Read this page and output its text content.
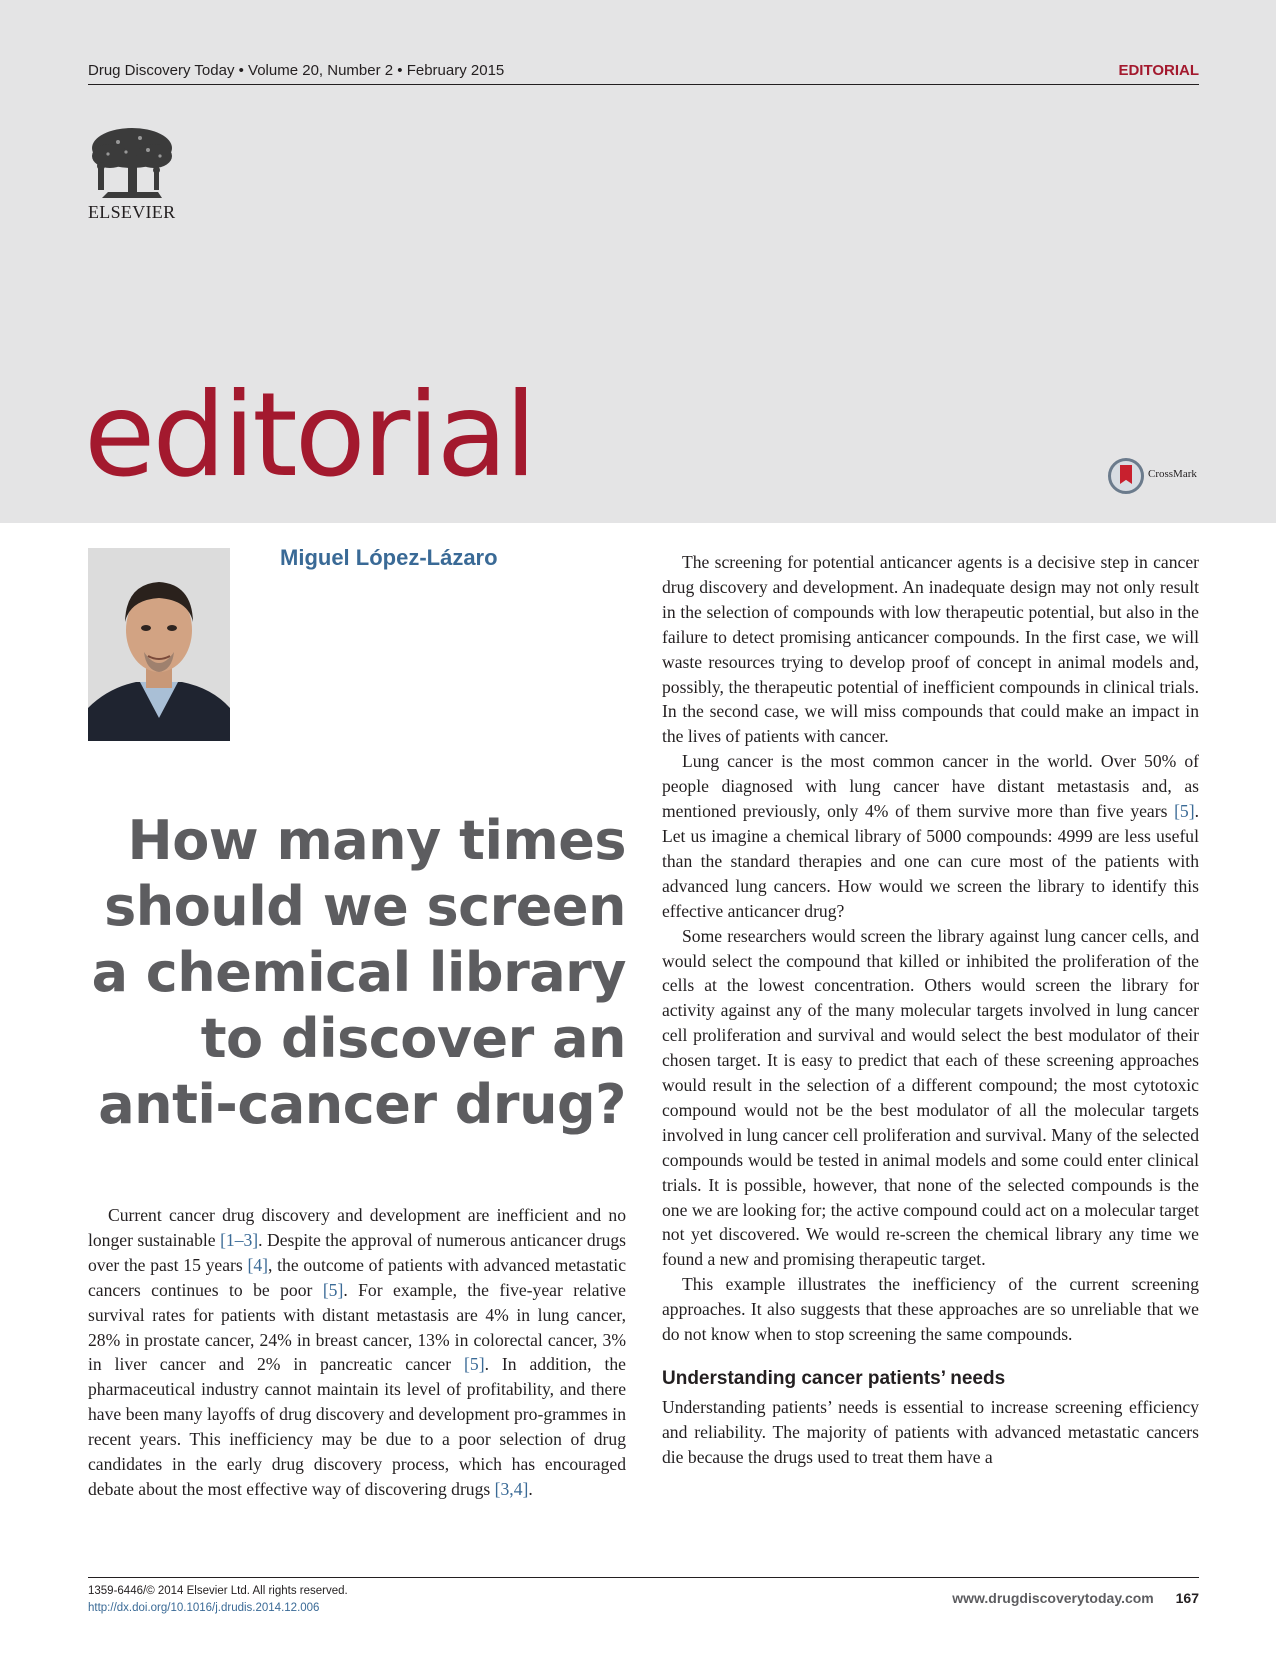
Drug Discovery Today • Volume 20, Number 2 • February 2015	EDITORIAL
ELSEVIER
editorial	CrossMark
Miguel López-Lázaro
How many times should we screen a chemical library to discover an anti-cancer drug?

Current cancer drug discovery and development are inefficient and no longer sustainable [1–3]. Despite the approval of numerous anticancer drugs over the past 15 years [4], the outcome of patients with advanced metastatic cancers continues to be poor [5]. For example, the five-year relative survival rates for patients with distant metastasis are 4% in lung cancer, 28% in prostate cancer, 24% in breast cancer, 13% in colorectal cancer, 3% in liver cancer and 2% in pancreatic cancer [5]. In addition, the pharmaceutical industry cannot maintain its level of profitability, and there have been many layoffs of drug discovery and development pro-grammes in recent years. This inefficiency may be due to a poor selection of drug candidates in the early drug discovery process, which has encouraged debate about the most effective way of discovering drugs [3,4].

The screening for potential anticancer agents is a decisive step in cancer drug discovery and development. An inadequate design may not only result in the selection of compounds with low therapeutic potential, but also in the failure to detect promising anticancer compounds. In the first case, we will waste resources trying to develop proof of concept in animal models and, possibly, the therapeutic potential of inefficient compounds in clinical trials. In the second case, we will miss compounds that could make an impact in the lives of patients with cancer.

Lung cancer is the most common cancer in the world. Over 50% of people diagnosed with lung cancer have distant metastasis and, as mentioned previously, only 4% of them survive more than five years [5]. Let us imagine a chemical library of 5000 compounds: 4999 are less useful than the standard therapies and one can cure most of the patients with advanced lung cancers. How would we screen the library to identify this effective anticancer drug?

Some researchers would screen the library against lung cancer cells, and would select the compound that killed or inhibited the proliferation of the cells at the lowest concentration. Others would screen the library for activity against any of the many molecular targets involved in lung cancer cell proliferation and survival and would select the best modulator of their chosen target. It is easy to predict that each of these screening approaches would result in the selection of a different compound; the most cytotoxic compound would not be the best modulator of all the molecular targets involved in lung cancer cell proliferation and survival. Many of the selected compounds would be tested in animal models and some could enter clinical trials. It is possible, however, that none of the selected compounds is the one we are looking for; the active compound could act on a molecular target not yet discovered. We would re-screen the chemical library any time we found a new and promising therapeutic target.

This example illustrates the inefficiency of the current screening approaches. It also suggests that these approaches are so unreliable that we do not know when to stop screening the same compounds.

Understanding cancer patients’ needs

Understanding patients’ needs is essential to increase screening efficiency and reliability. The majority of patients with advanced metastatic cancers die because the drugs used to treat them have a

1359-6446/© 2014 Elsevier Ltd. All rights reserved.
http://dx.doi.org/10.1016/j.drudis.2014.12.006
www.drugdiscoverytoday.com 167
